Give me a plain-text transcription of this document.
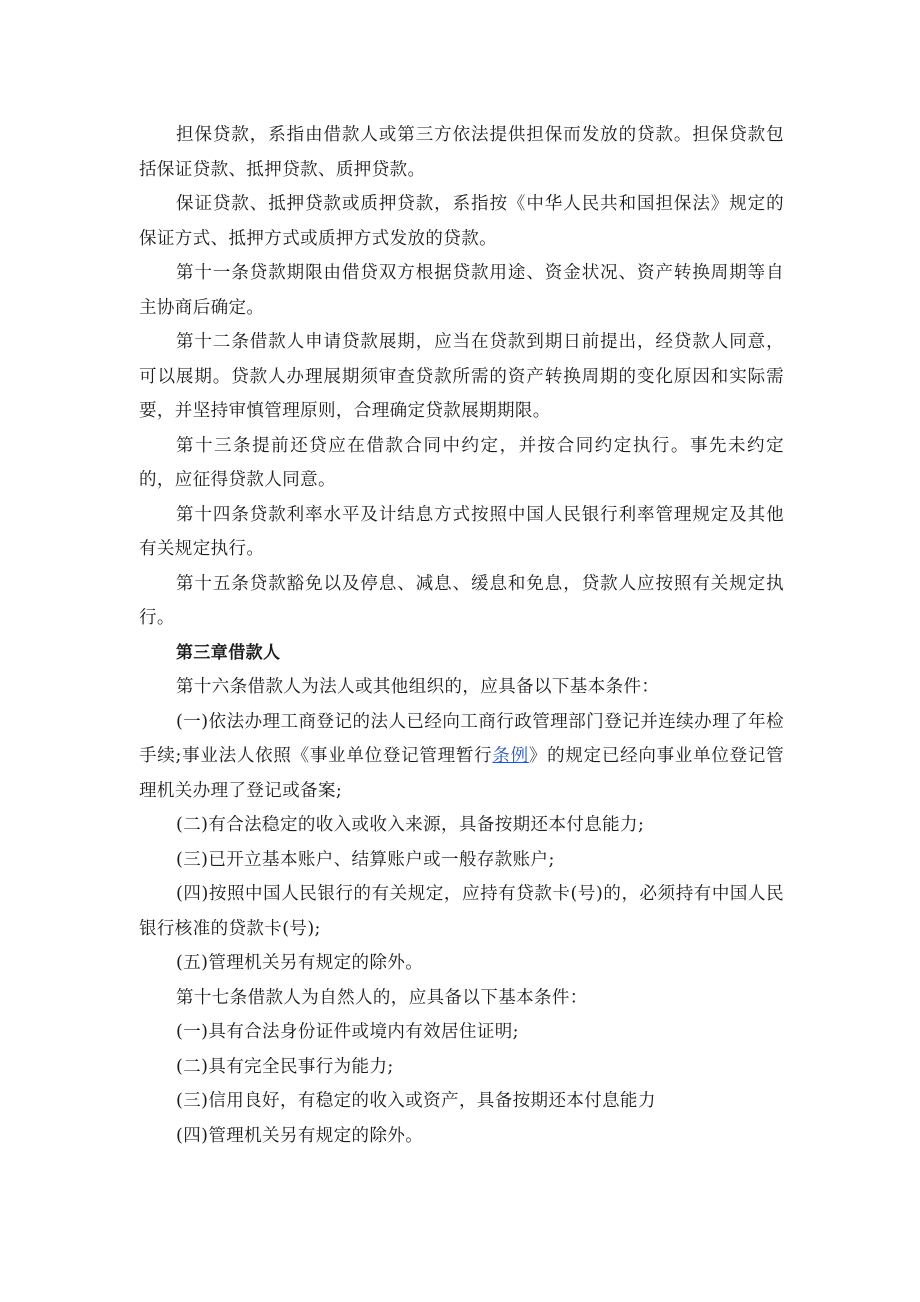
担保贷款，系指由借款人或第三方依法提供担保而发放的贷款。担保贷款包括保证贷款、抵押贷款、质押贷款。

保证贷款、抵押贷款或质押贷款，系指按《中华人民共和国担保法》规定的保证方式、抵押方式或质押方式发放的贷款。

第十一条贷款期限由借贷双方根据贷款用途、资金状况、资产转换周期等自主协商后确定。

第十二条借款人申请贷款展期，应当在贷款到期日前提出，经贷款人同意，可以展期。贷款人办理展期须审查贷款所需的资产转换周期的变化原因和实际需要，并坚持审慎管理原则，合理确定贷款展期期限。

第十三条提前还贷应在借款合同中约定，并按合同约定执行。事先未约定的，应征得贷款人同意。

第十四条贷款利率水平及计结息方式按照中国人民银行利率管理规定及其他有关规定执行。

第十五条贷款豁免以及停息、减息、缓息和免息，贷款人应按照有关规定执行。

第三章借款人

第十六条借款人为法人或其他组织的，应具备以下基本条件：

(一)依法办理工商登记的法人已经向工商行政管理部门登记并连续办理了年检手续;事业法人依照《事业单位登记管理暂行条例》的规定已经向事业单位登记管理机关办理了登记或备案;

(二)有合法稳定的收入或收入来源，具备按期还本付息能力;

(三)已开立基本账户、结算账户或一般存款账户;

(四)按照中国人民银行的有关规定，应持有贷款卡(号)的，必须持有中国人民银行核准的贷款卡(号);

(五)管理机关另有规定的除外。

第十七条借款人为自然人的，应具备以下基本条件：

(一)具有合法身份证件或境内有效居住证明;

(二)具有完全民事行为能力;

(三)信用良好，有稳定的收入或资产，具备按期还本付息能力

(四)管理机关另有规定的除外。
